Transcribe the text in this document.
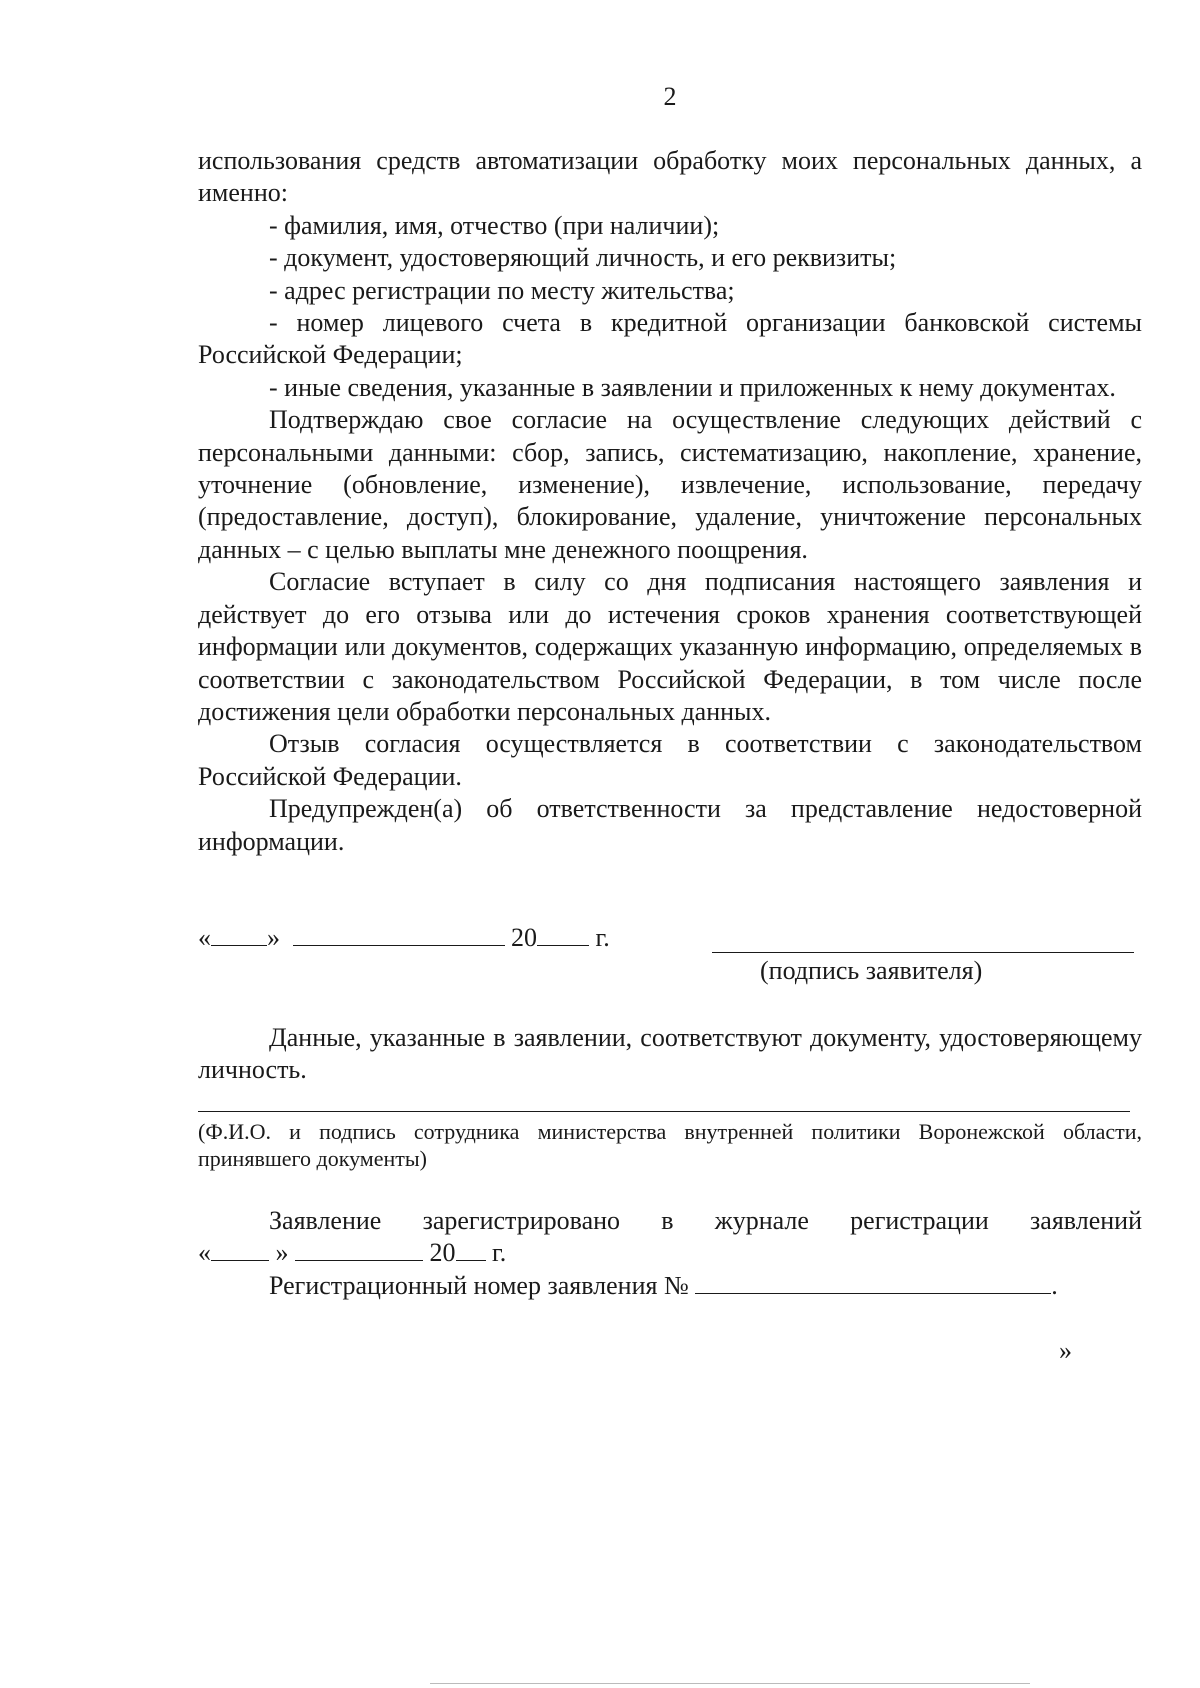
2

использования средств автоматизации обработку моих персональных данных, а именно:

- фамилия, имя, отчество (при наличии);

- документ, удостоверяющий личность, и его реквизиты;

- адрес регистрации по месту жительства;

- номер лицевого счета в кредитной организации банковской системы Российской Федерации;

- иные сведения, указанные в заявлении и приложенных к нему документах.

Подтверждаю свое согласие на осуществление следующих действий с персональными данными: сбор, запись, систематизацию, накопление, хранение, уточнение (обновление, изменение), извлечение, использование, передачу (предоставление, доступ), блокирование, удаление, уничтожение персональных данных – с целью выплаты мне денежного поощрения.

Согласие вступает в силу со дня подписания настоящего заявления и действует до его отзыва или до истечения сроков хранения соответствующей информации или документов, содержащих указанную информацию, определяемых в соответствии с законодательством Российской Федерации, в том числе после достижения цели обработки персональных данных.

Отзыв согласия осуществляется в соответствии с законодательством Российской Федерации.

Предупрежден(а) об ответственности за представление недостоверной информации.

« »	20 г.
(подпись заявителя)

Данные, указанные в заявлении, соответствуют документу, удостоверяющему личность.

(Ф.И.О. и подпись сотрудника министерства внутренней политики Воронежской области, принявшего документы)

Заявление зарегистрировано в журнале регистрации заявлений

« »	20 г.

Регистрационный номер заявления №	.

»
